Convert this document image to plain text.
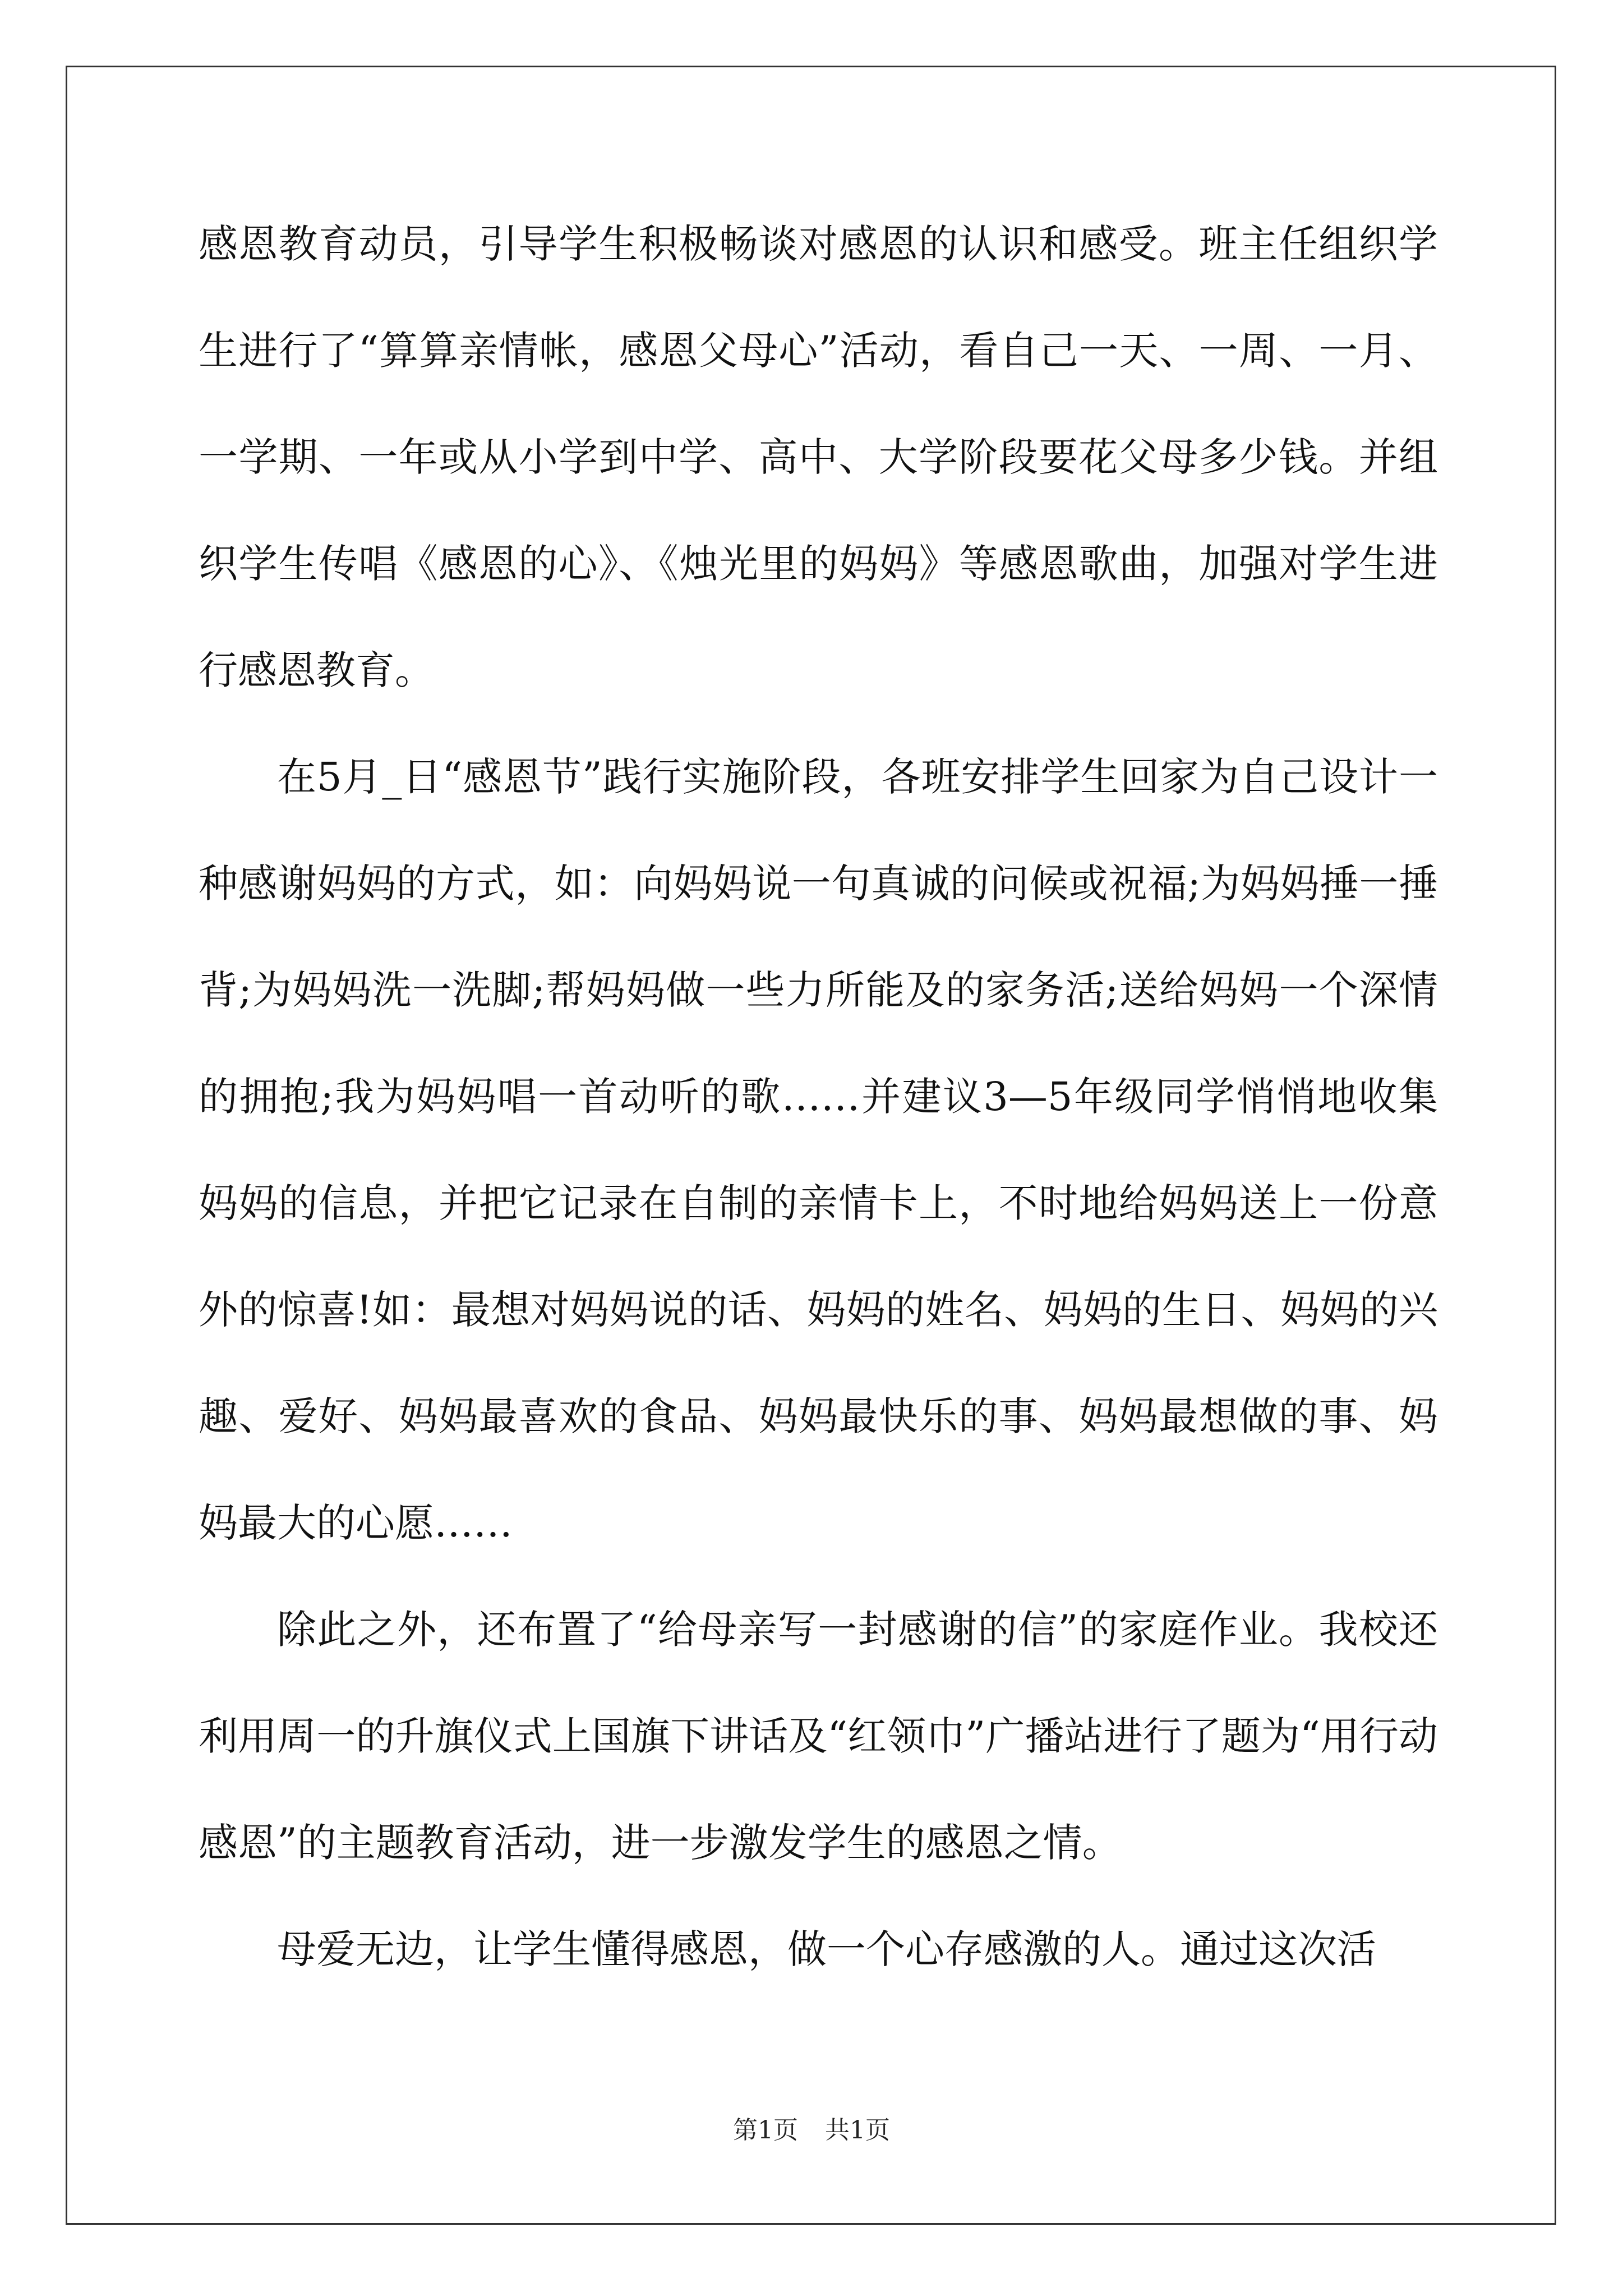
感恩教育动员，引导学生积极畅谈对感恩的认识和感受。班主任组织学生进行了“算算亲情帐，感恩父母心”活动，看自己一天、一周、一月、一学期、一年或从小学到中学、高中、大学阶段要花父母多少钱。并组织学生传唱《感恩的心》、《烛光里的妈妈》等感恩歌曲，加强对学生进行感恩教育。

在5月_日“感恩节”践行实施阶段，各班安排学生回家为自己设计一种感谢妈妈的方式，如：向妈妈说一句真诚的问候或祝福;为妈妈捶一捶背;为妈妈洗一洗脚;帮妈妈做一些力所能及的家务活;送给妈妈一个深情的拥抱;我为妈妈唱一首动听的歌……并建议3—5年级同学悄悄地收集妈妈的信息，并把它记录在自制的亲情卡上，不时地给妈妈送上一份意外的惊喜!如：最想对妈妈说的话、妈妈的姓名、妈妈的生日、妈妈的兴趣、爱好、妈妈最喜欢的食品、妈妈最快乐的事、妈妈最想做的事、妈妈最大的心愿……

除此之外，还布置了“给母亲写一封感谢的信”的家庭作业。我校还利用周一的升旗仪式上国旗下讲话及“红领巾”广播站进行了题为“用行动感恩”的主题教育活动，进一步激发学生的感恩之情。

母爱无边，让学生懂得感恩，做一个心存感激的人。通过这次活

第1页 共1页
